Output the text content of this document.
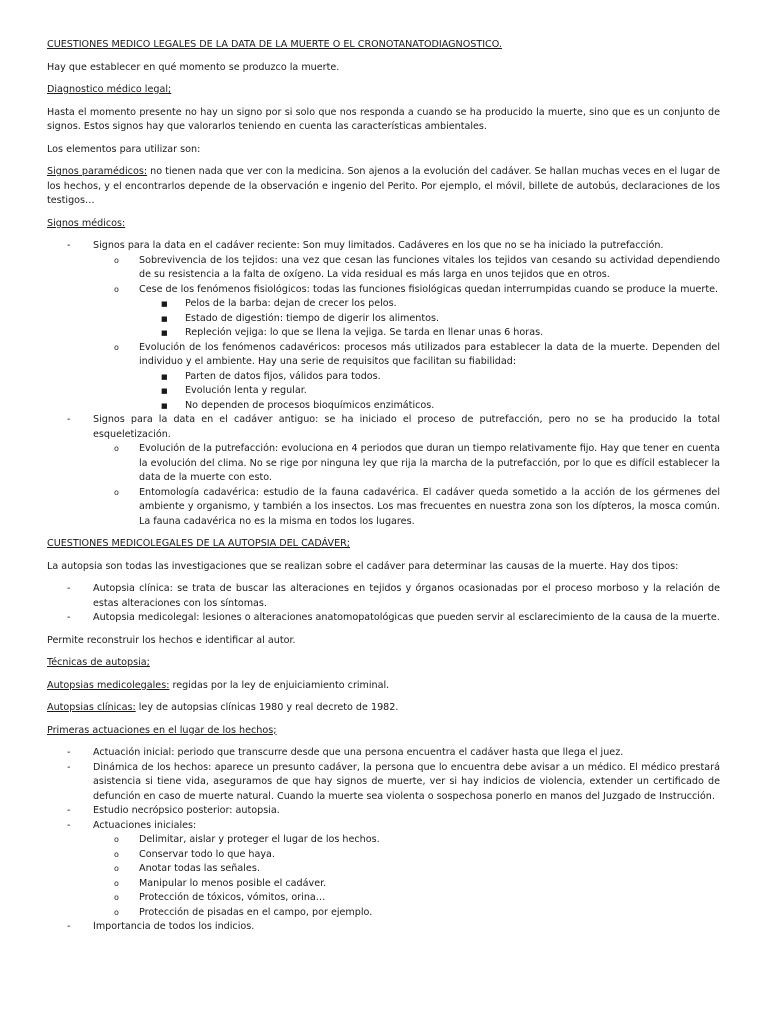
CUESTIONES MEDICO LEGALES DE LA DATA DE LA MUERTE O EL CRONOTANATODIAGNOSTICO.

Hay que establecer en qué momento se produzco la muerte.

Diagnostico médico legal;

Hasta el momento presente no hay un signo por si solo que nos responda a cuando se ha producido la muerte, sino que es un conjunto de signos. Estos signos hay que valorarlos teniendo en cuenta las características ambientales.

Los elementos para utilizar son:

Signos paramédicos: no tienen nada que ver con la medicina. Son ajenos a la evolución del cadáver. Se hallan muchas veces en el lugar de los hechos, y el encontrarlos depende de la observación e ingenio del Perito. Por ejemplo, el móvil, billete de autobús, declaraciones de los testigos…

Signos médicos:

- Signos para la data en el cadáver reciente: Son muy limitados. Cadáveres en los que no se ha iniciado la putrefacción.
o Sobrevivencia de los tejidos: una vez que cesan las funciones vitales los tejidos van cesando su actividad dependiendo de su resistencia a la falta de oxígeno. La vida residual es más larga en unos tejidos que en otros.
o Cese de los fenómenos fisiológicos: todas las funciones fisiológicas quedan interrumpidas cuando se produce la muerte.
■ Pelos de la barba: dejan de crecer los pelos.
■ Estado de digestión: tiempo de digerir los alimentos.
■ Repleción vejiga: lo que se llena la vejiga. Se tarda en llenar unas 6 horas.
o Evolución de los fenómenos cadavéricos: procesos más utilizados para establecer la data de la muerte. Dependen del individuo y el ambiente. Hay una serie de requisitos que facilitan su fiabilidad:
■ Parten de datos fijos, válidos para todos.
■ Evolución lenta y regular.
■ No dependen de procesos bioquímicos enzimáticos.
- Signos para la data en el cadáver antiguo: se ha iniciado el proceso de putrefacción, pero no se ha producido la total esqueletización.
o Evolución de la putrefacción: evoluciona en 4 periodos que duran un tiempo relativamente fijo. Hay que tener en cuenta la evolución del clima. No se rige por ninguna ley que rija la marcha de la putrefacción, por lo que es difícil establecer la data de la muerte con esto.
o Entomología cadavérica: estudio de la fauna cadavérica. El cadáver queda sometido a la acción de los gérmenes del ambiente y organismo, y también a los insectos. Los mas frecuentes en nuestra zona son los dípteros, la mosca común. La fauna cadavérica no es la misma en todos los lugares.

CUESTIONES MEDICOLEGALES DE LA AUTOPSIA DEL CADÁVER;

La autopsia son todas las investigaciones que se realizan sobre el cadáver para determinar las causas de la muerte. Hay dos tipos:

- Autopsia clínica: se trata de buscar las alteraciones en tejidos y órganos ocasionadas por el proceso morboso y la relación de estas alteraciones con los síntomas.
- Autopsia medicolegal: lesiones o alteraciones anatomopatológicas que pueden servir al esclarecimiento de la causa de la muerte.

Permite reconstruir los hechos e identificar al autor.

Técnicas de autopsia;

Autopsias medicolegales: regidas por la ley de enjuiciamiento criminal.

Autopsias clínicas: ley de autopsias clínicas 1980 y real decreto de 1982.

Primeras actuaciones en el lugar de los hechos;

- Actuación inicial: periodo que transcurre desde que una persona encuentra el cadáver hasta que llega el juez.
- Dinámica de los hechos: aparece un presunto cadáver, la persona que lo encuentra debe avisar a un médico. El médico prestará asistencia si tiene vida, aseguramos de que hay signos de muerte, ver si hay indicios de violencia, extender un certificado de defunción en caso de muerte natural. Cuando la muerte sea violenta o sospechosa ponerlo en manos del Juzgado de Instrucción.
- Estudio necrópsico posterior: autopsia.
- Actuaciones iniciales:
o Delimitar, aislar y proteger el lugar de los hechos.
o Conservar todo lo que haya.
o Anotar todas las señales.
o Manipular lo menos posible el cadáver.
o Protección de tóxicos, vómitos, orina…
o Protección de pisadas en el campo, por ejemplo.
- Importancia de todos los indicios.
